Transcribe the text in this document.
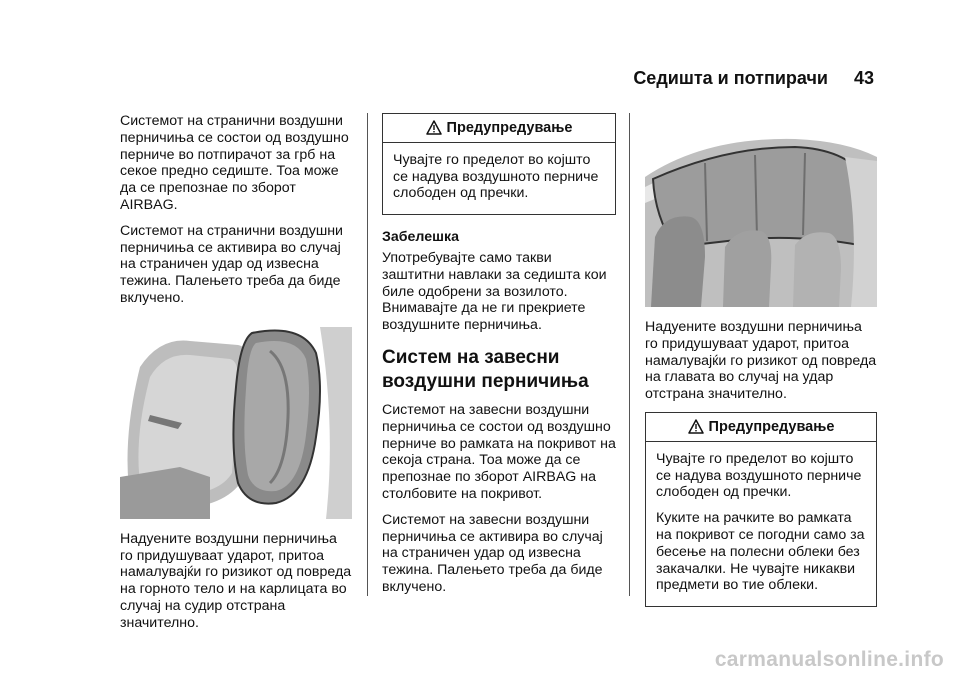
Седишта и потпирачи 43

Системот на странични воздушни перничиња се состои од воздушно перниче во потпирачот за грб на секое предно седиште. Тоа може да се препознае по зборот AIRBAG.

Системот на странични воздушни перничиња се активира во случај на страничен удар од извесна тежина. Палењето треба да биде вклучено.

Надуените воздушни перничиња го придушуваат ударот, притоа намалувајќи го ризикот од повреда на горното тело и на карлицата во случај на судир отстрана значително.

Предупредување

Чувајте го пределот во којшто се надува воздушното перниче слободен од пречки.

Забелешка

Употребувајте само такви заштитни навлаки за седишта кои биле одобрени за возилото. Внимавајте да не ги прекриете воздушните перничиња.

Систем на завесни воздушни перничиња

Системот на завесни воздушни перничиња се состои од воздушно перниче во рамката на покривот на секоја страна. Тоа може да се препознае по зборот AIRBAG на столбовите на покривот.

Системот на завесни воздушни перничиња се активира во случај на страничен удар од извесна тежина. Палењето треба да биде вклучено.

Надуените воздушни перничиња го придушуваат ударот, притоа намалувајќи го ризикот од повреда на главата во случај на удар отстрана значително.

Предупредување

Чувајте го пределот во којшто се надува воздушното перниче слободен од пречки.

Куките на рачките во рамката на покривот се погодни само за бесење на полесни облеки без закачалки. Не чувајте никакви предмети во тие облеки.

carmanualsonline.info
